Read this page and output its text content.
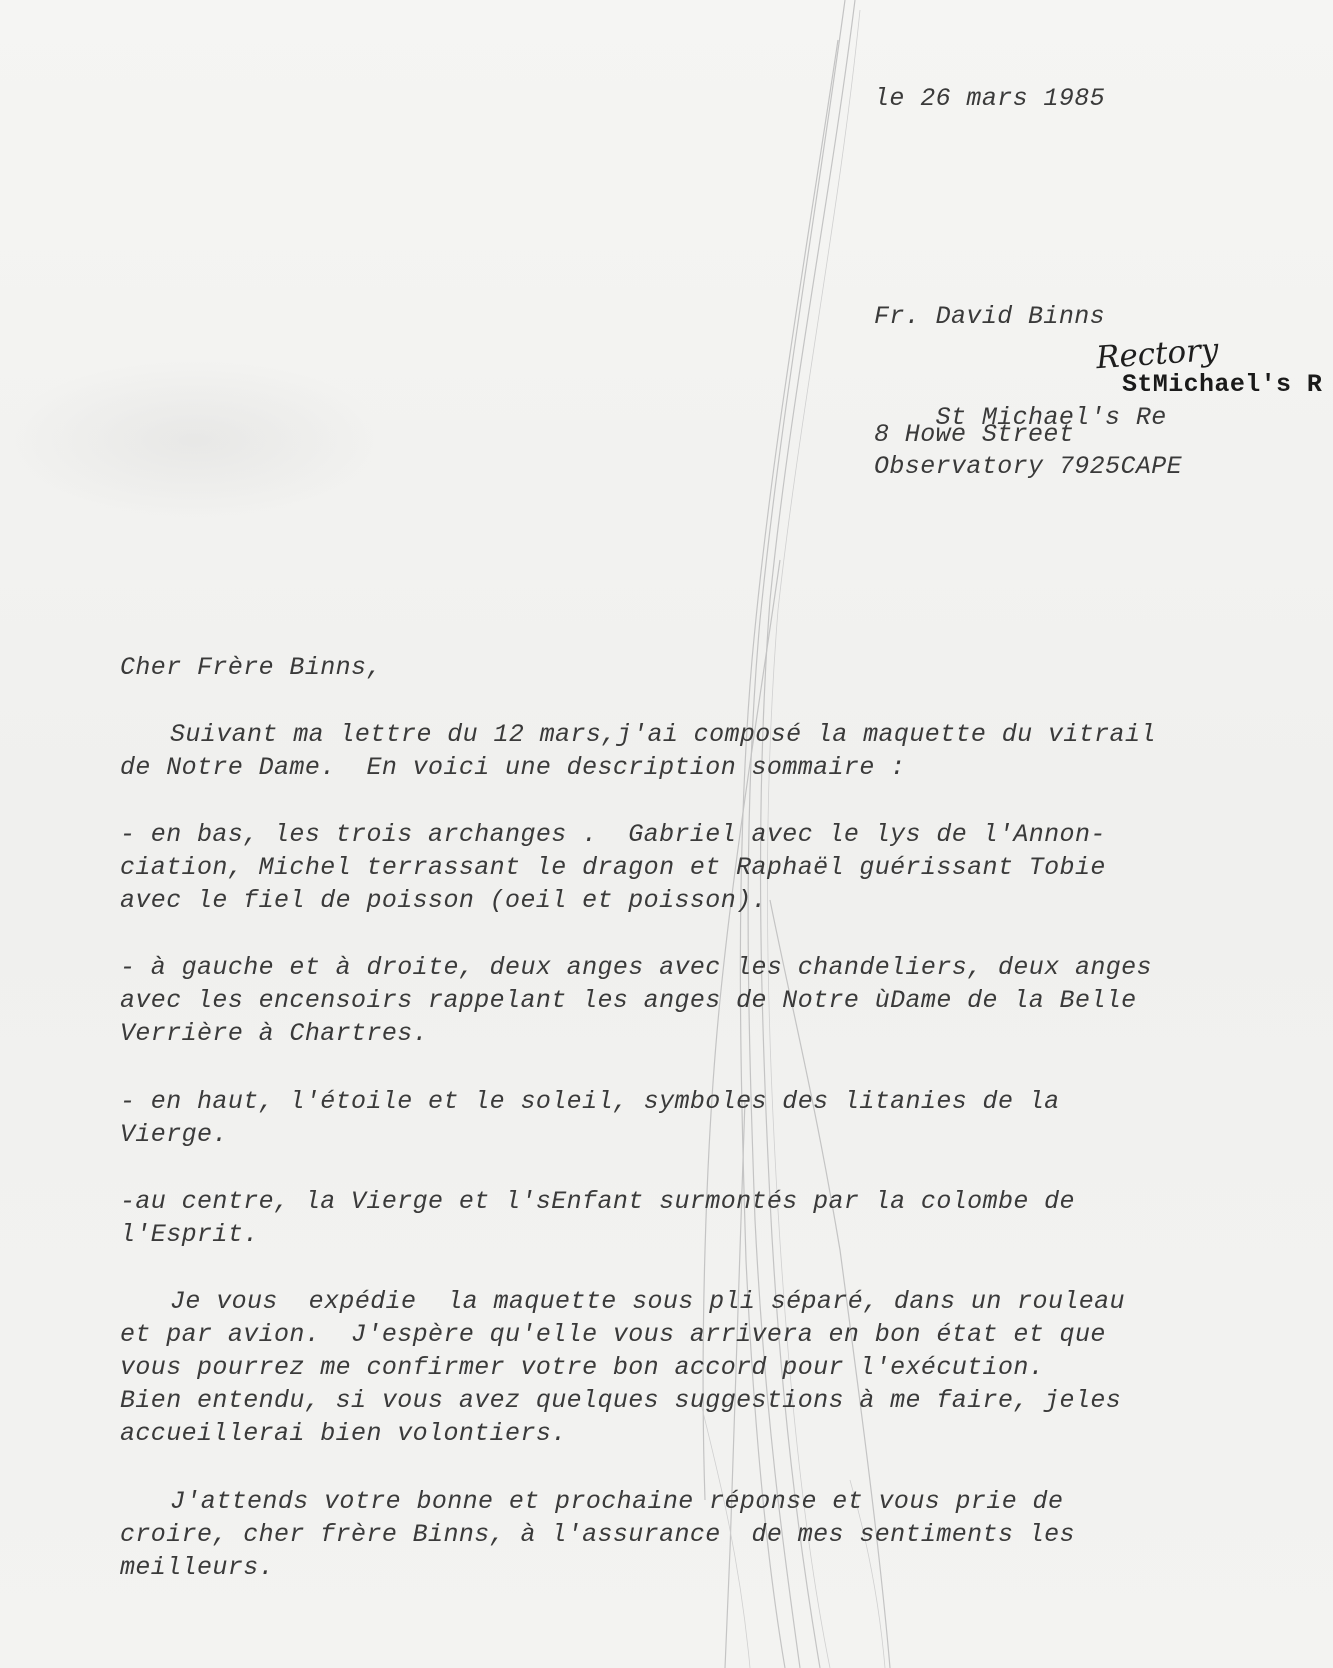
le 26 mars 1985
Fr. David Binns

St Michael's Re

StMichael's R

Rectory
8 Howe Street
Observatory 7925CAPE
Cher Frère Binns,
Suivant ma lettre du 12 mars,j'ai composé la maquette du vitrail
de Notre Dame.  En voici une description sommaire :
- en bas, les trois archanges .  Gabriel avec le lys de l'Annon-
ciation, Michel terrassant le dragon et Raphaël guérissant Tobie
avec le fiel de poisson (oeil et poisson).
- à gauche et à droite, deux anges avec les chandeliers, deux anges
avec les encensoirs rappelant les anges de Notre ùDame de la Belle
Verrière à Chartres.
- en haut, l'étoile et le soleil, symboles des litanies de la
Vierge.
-au centre, la Vierge et l'sEnfant surmontés par la colombe de
l'Esprit.
Je vous  expédie  la maquette sous pli séparé, dans un rouleau
et par avion.  J'espère qu'elle vous arrivera en bon état et que
vous pourrez me confirmer votre bon accord pour l'exécution.
Bien entendu, si vous avez quelques suggestions à me faire, jeles
accueillerai bien volontiers.
J'attends votre bonne et prochaine réponse et vous prie de
croire, cher frère Binns, à l'assurance  de mes sentiments les
meilleurs.
